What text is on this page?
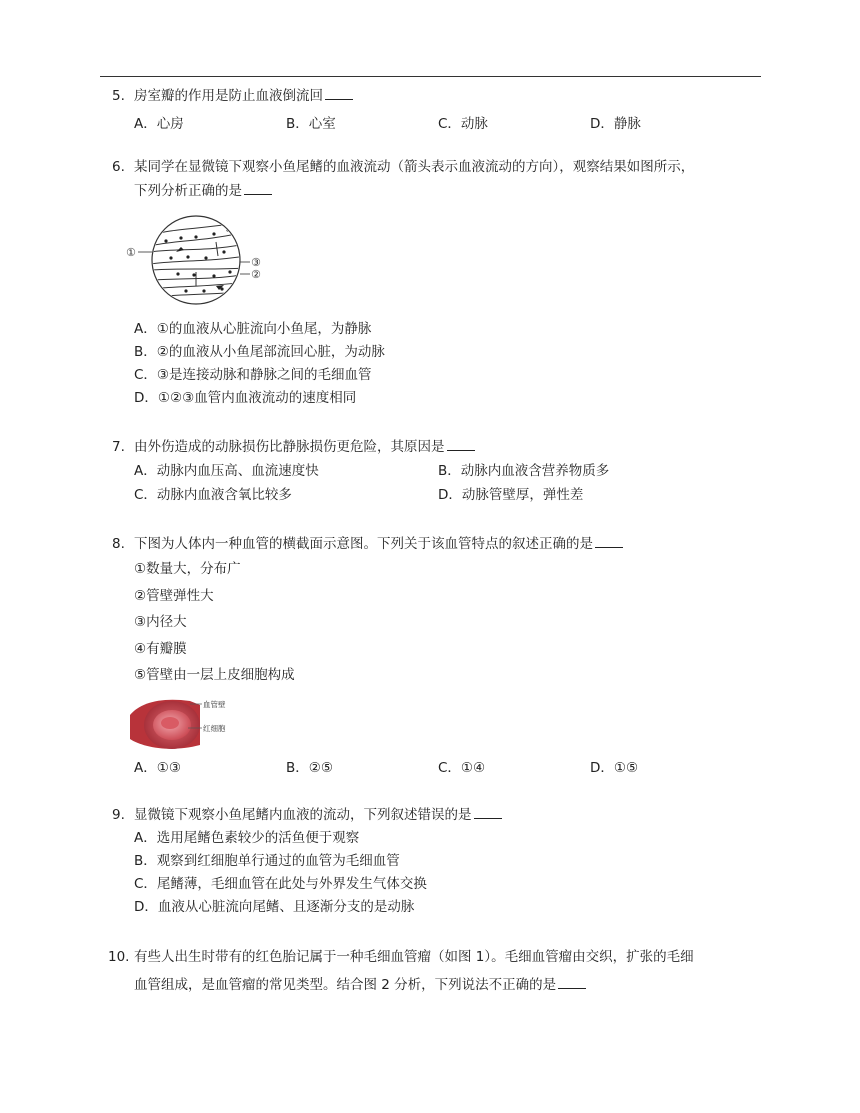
5. 房室瓣的作用是防止血液倒流回
A．心房	B．心室	C．动脉	D．静脉
6. 某同学在显微镜下观察小鱼尾鳍的血液流动（箭头表示血液流动的方向），观察结果如图所示，
下列分析正确的是
①
③
②
A．①的血液从心脏流向小鱼尾，为静脉
B．②的血液从小鱼尾部流回心脏，为动脉
C．③是连接动脉和静脉之间的毛细血管
D．①②③血管内血液流动的速度相同
7. 由外伤造成的动脉损伤比静脉损伤更危险，其原因是
A．动脉内血压高、血流速度快	B．动脉内血液含营养物质多
C．动脉内血液含氧比较多	D．动脉管壁厚，弹性差
8. 下图为人体内一种血管的横截面示意图。下列关于该血管特点的叙述正确的是
①数量大，分布广
②管壁弹性大
③内径大
④有瓣膜
⑤管壁由一层上皮细胞构成
血管壁
红细胞
A．①③	B．②⑤	C．①④	D．①⑤
9. 显微镜下观察小鱼尾鳍内血液的流动，下列叙述错误的是
A．选用尾鳍色素较少的活鱼便于观察
B．观察到红细胞单行通过的血管为毛细血管
C．尾鳍薄，毛细血管在此处与外界发生气体交换
D．血液从心脏流向尾鳍、且逐渐分支的是动脉
10. 有些人出生时带有的红色胎记属于一种毛细血管瘤（如图 1）。毛细血管瘤由交织，扩张的毛细
血管组成，是血管瘤的常见类型。结合图 2 分析，下列说法不正确的是
